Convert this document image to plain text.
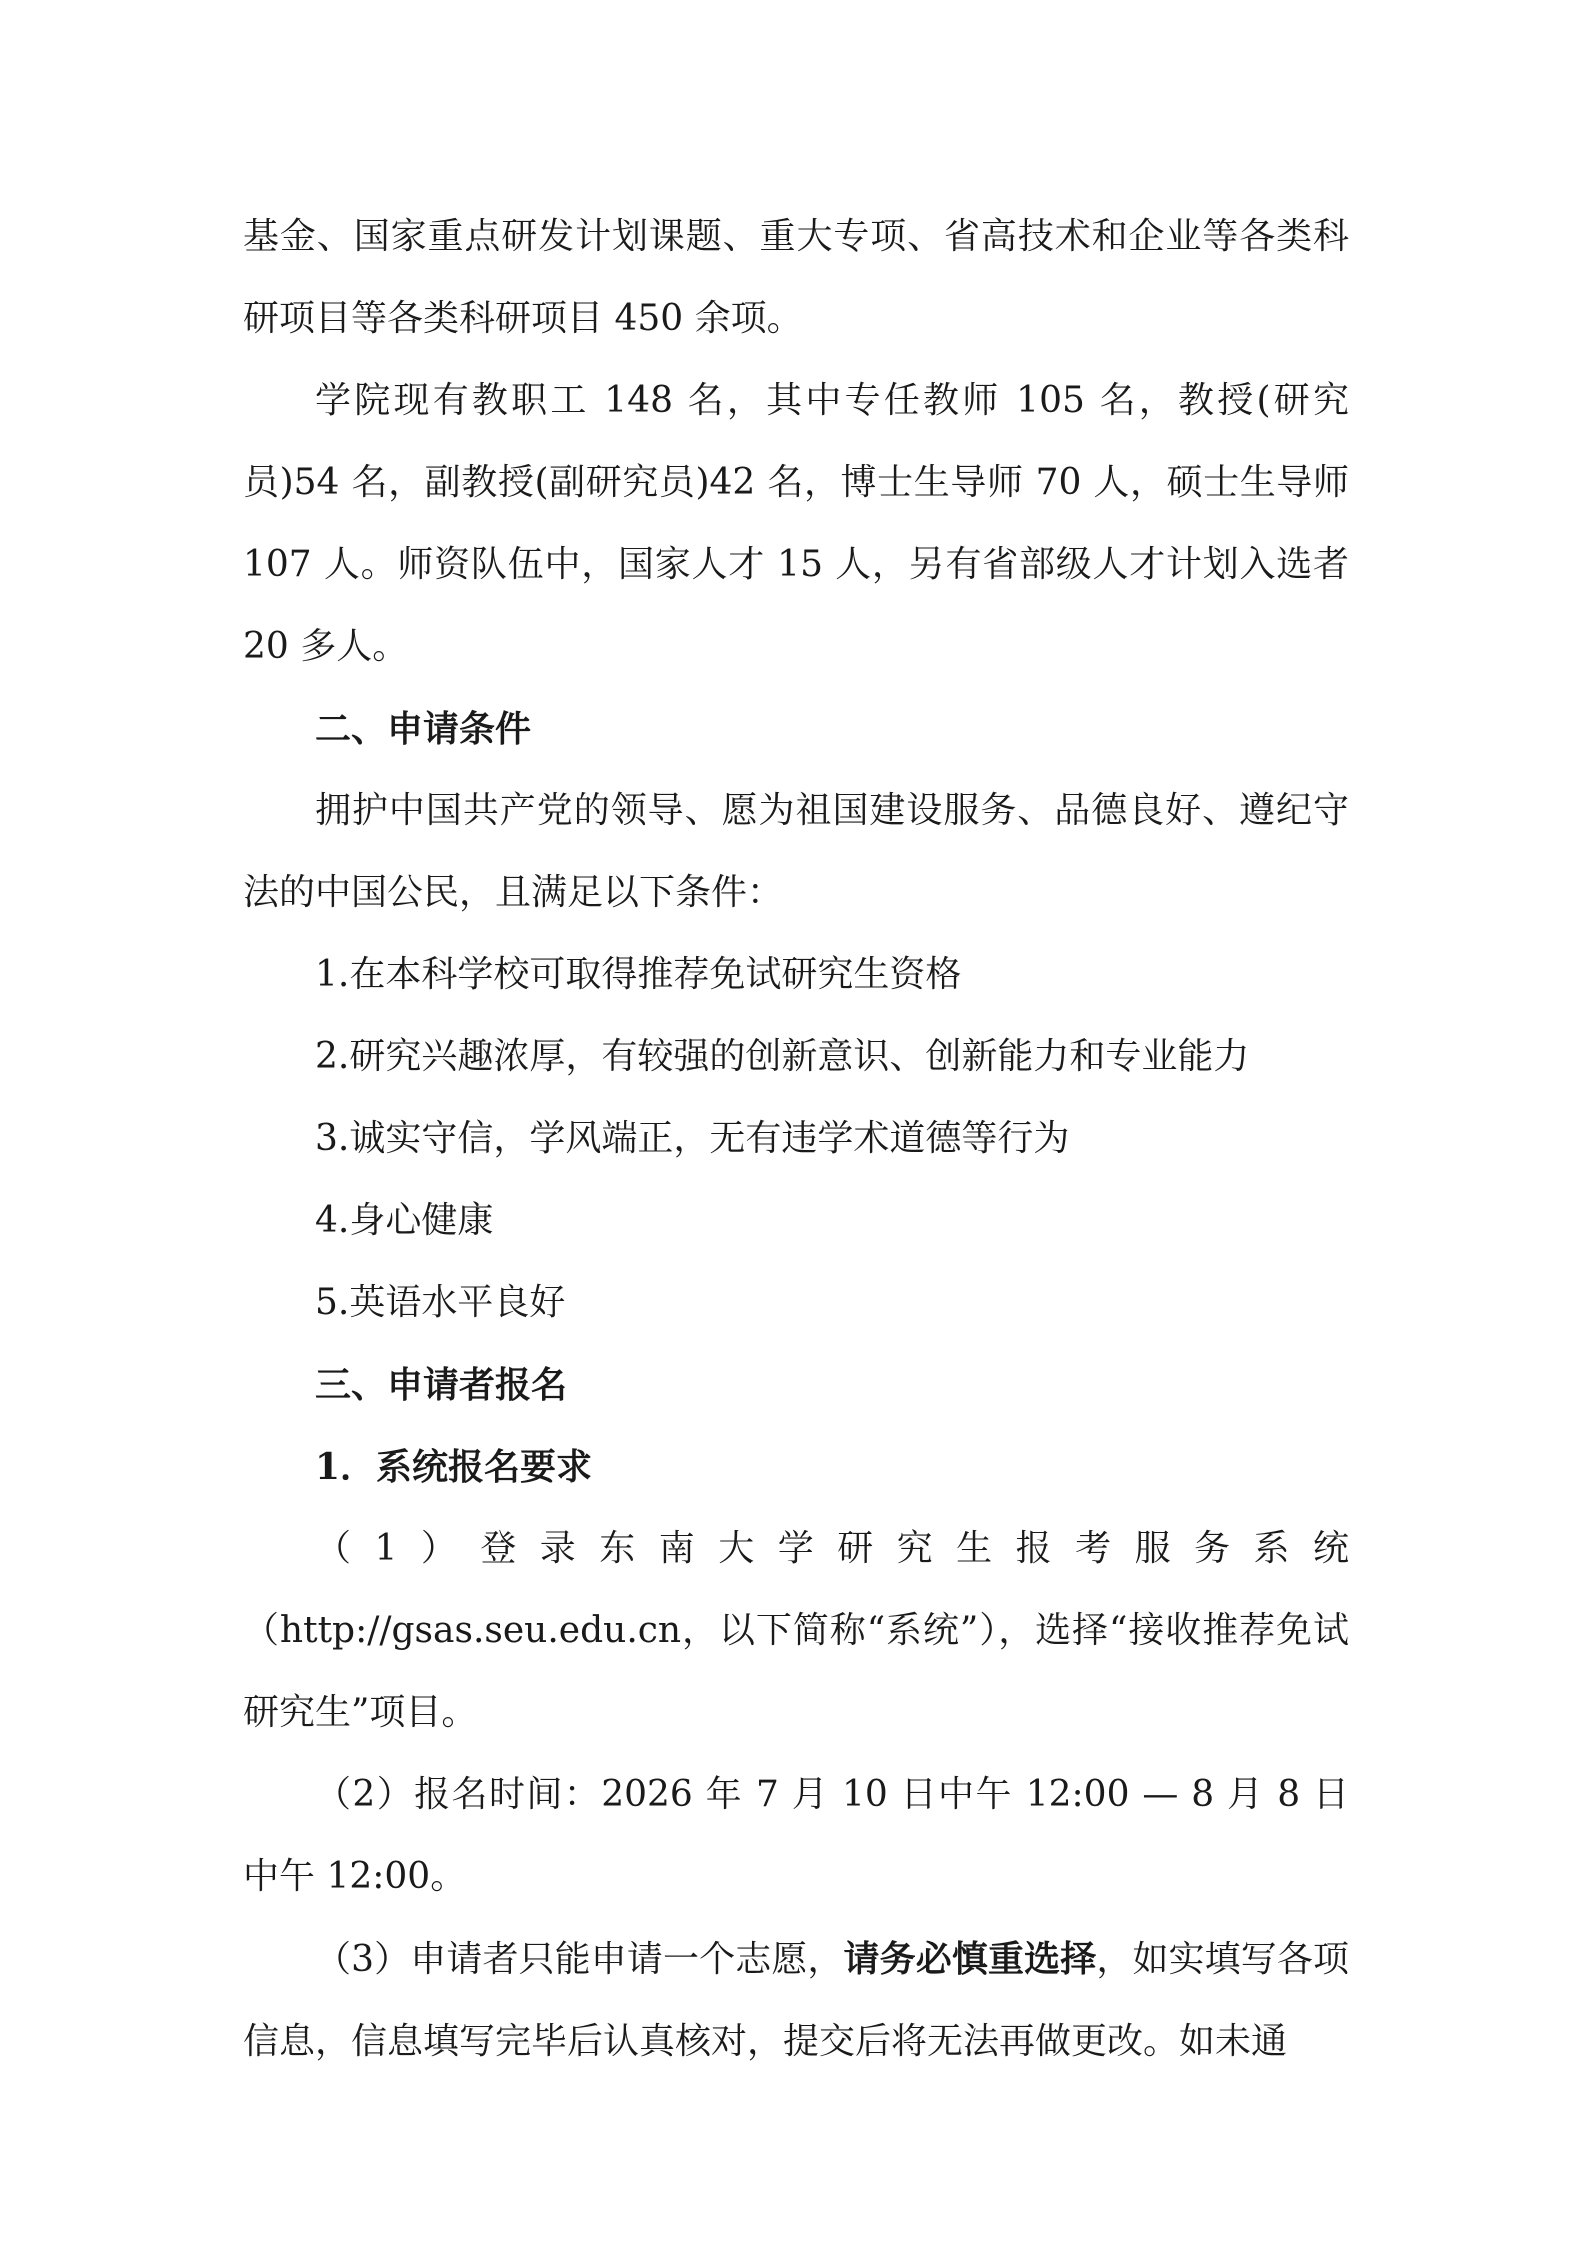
基金、国家重点研发计划课题、重大专项、省高技术和企业等各类科研项目等各类科研项目 450 余项。

学院现有教职工 148 名，其中专任教师 105 名，教授(研究员)54 名，副教授(副研究员)42 名，博士生导师 70 人，硕士生导师 107 人。师资队伍中，国家人才 15 人，另有省部级人才计划入选者 20 多人。

二、申请条件

拥护中国共产党的领导、愿为祖国建设服务、品德良好、遵纪守法的中国公民，且满足以下条件：

1.在本科学校可取得推荐免试研究生资格

2.研究兴趣浓厚，有较强的创新意识、创新能力和专业能力

3.诚实守信，学风端正，无有违学术道德等行为

4.身心健康

5.英语水平良好

三、申请者报名

1．系统报名要求

（1）登录东南大学研究生报考服务系统

（http://gsas.seu.edu.cn，以下简称“系统”），选择“接收推荐免试研究生”项目。

（2）报名时间：2026 年 7 月 10 日中午 12:00 — 8 月 8 日中午 12:00。

（3）申请者只能申请一个志愿，请务必慎重选择，如实填写各项信息，信息填写完毕后认真核对，提交后将无法再做更改。如未通
